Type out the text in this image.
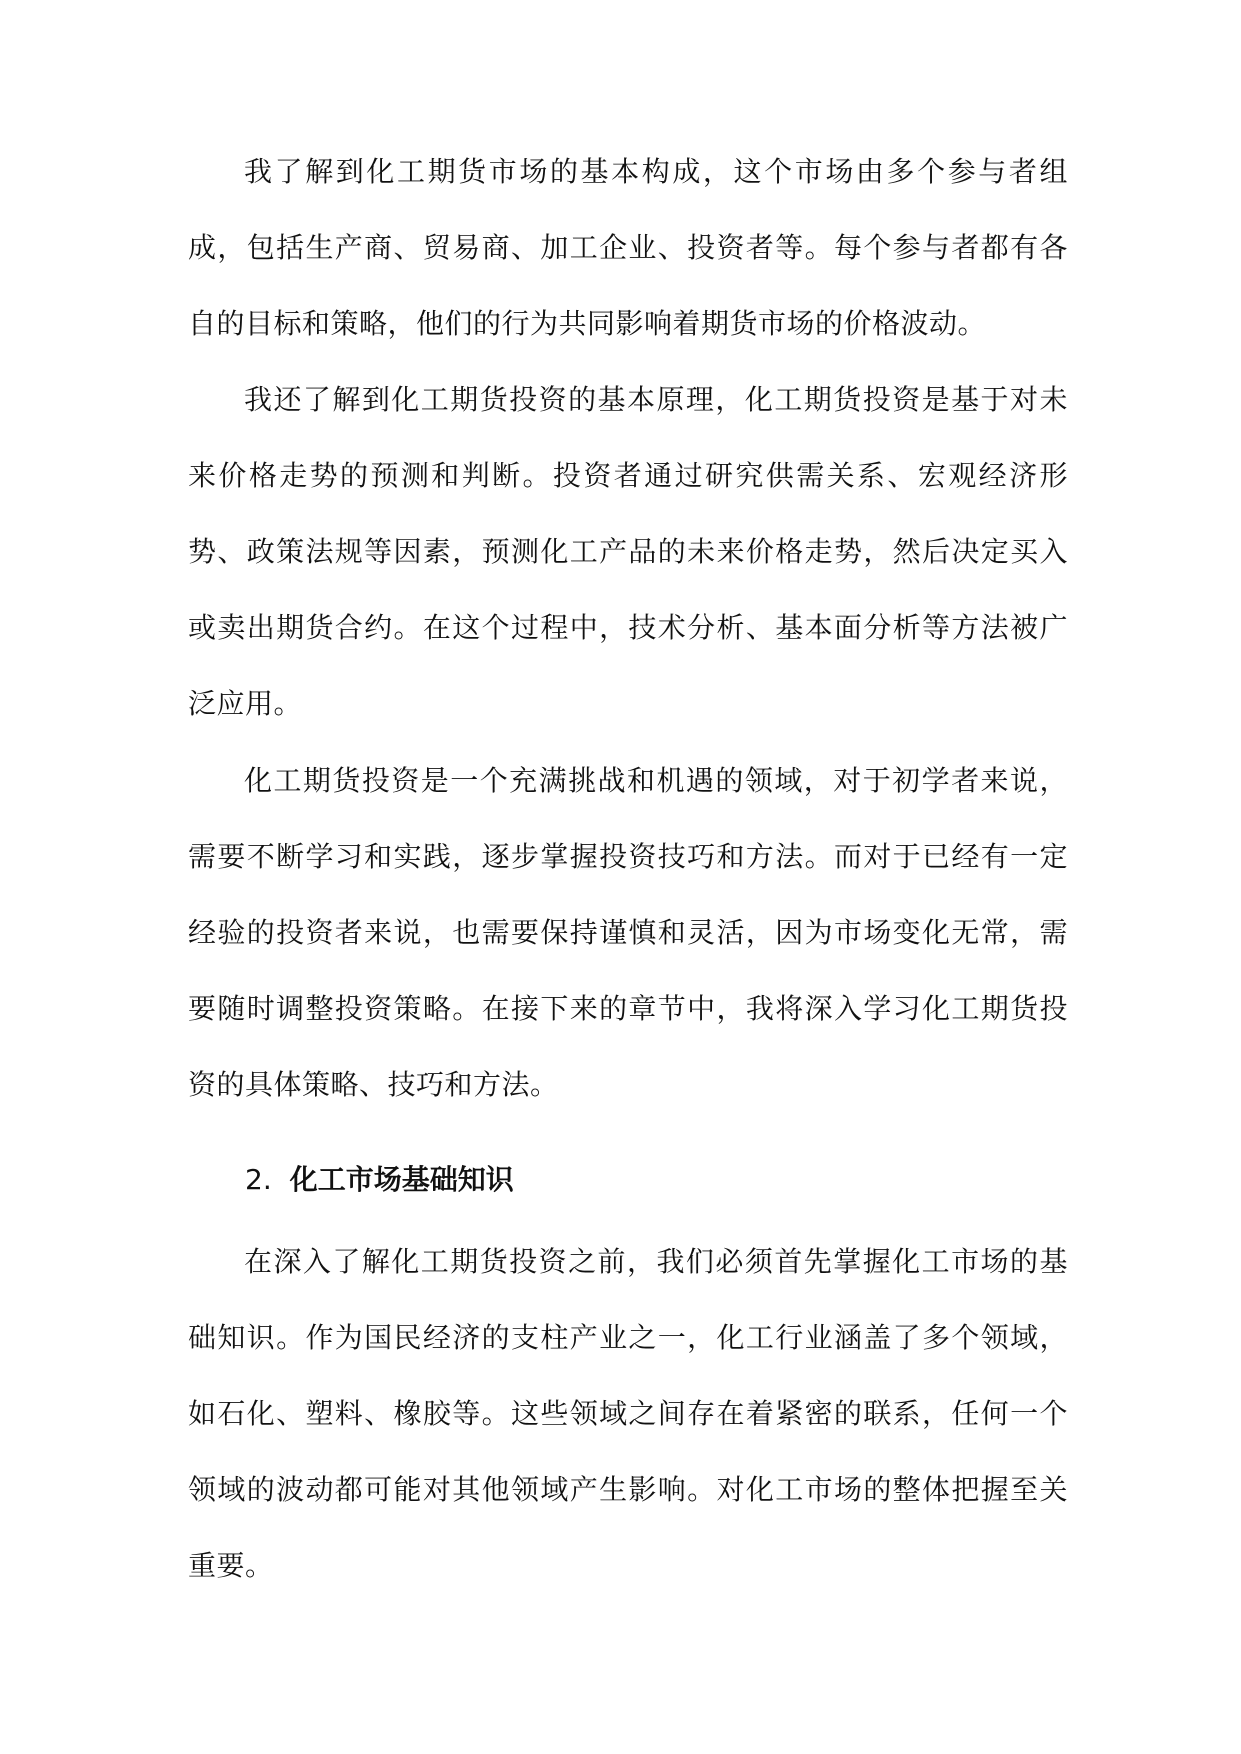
我了解到化工期货市场的基本构成，这个市场由多个参与者组成，包括生产商、贸易商、加工企业、投资者等。每个参与者都有各自的目标和策略，他们的行为共同影响着期货市场的价格波动。

我还了解到化工期货投资的基本原理，化工期货投资是基于对未来价格走势的预测和判断。投资者通过研究供需关系、宏观经济形势、政策法规等因素，预测化工产品的未来价格走势，然后决定买入或卖出期货合约。在这个过程中，技术分析、基本面分析等方法被广泛应用。

化工期货投资是一个充满挑战和机遇的领域，对于初学者来说，需要不断学习和实践，逐步掌握投资技巧和方法。而对于已经有一定经验的投资者来说，也需要保持谨慎和灵活，因为市场变化无常，需要随时调整投资策略。在接下来的章节中，我将深入学习化工期货投资的具体策略、技巧和方法。

2. 化工市场基础知识

在深入了解化工期货投资之前，我们必须首先掌握化工市场的基础知识。作为国民经济的支柱产业之一，化工行业涵盖了多个领域，如石化、塑料、橡胶等。这些领域之间存在着紧密的联系，任何一个领域的波动都可能对其他领域产生影响。对化工市场的整体把握至关重要。
